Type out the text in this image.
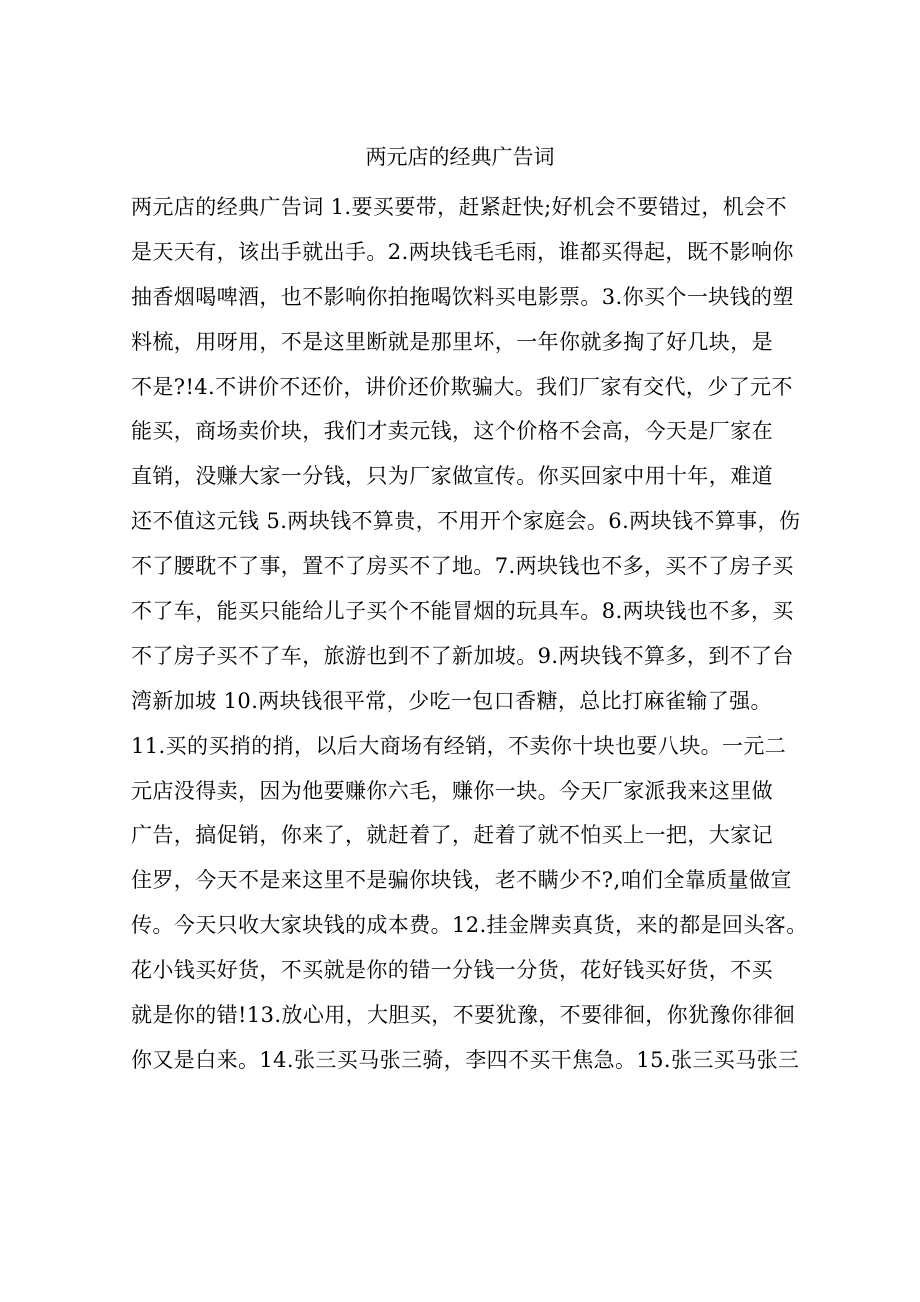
两元店的经典广告词
两元店的经典广告词 1.要买要带，赶紧赶快;好机会不要错过，机会不
是天天有，该出手就出手。2.两块钱毛毛雨，谁都买得起，既不影响你
抽香烟喝啤酒，也不影响你拍拖喝饮料买电影票。3.你买个一块钱的塑
料梳，用呀用，不是这里断就是那里坏，一年你就多掏了好几块，是
不是?!4.不讲价不还价，讲价还价欺骗大。我们厂家有交代，少了元不
能买，商场卖价块，我们才卖元钱，这个价格不会高，今天是厂家在
直销，没赚大家一分钱，只为厂家做宣传。你买回家中用十年，难道
还不值这元钱 5.两块钱不算贵，不用开个家庭会。6.两块钱不算事，伤
不了腰耽不了事，置不了房买不了地。7.两块钱也不多，买不了房子买
不了车，能买只能给儿子买个不能冒烟的玩具车。8.两块钱也不多，买
不了房子买不了车，旅游也到不了新加坡。9.两块钱不算多，到不了台
湾新加坡 10.两块钱很平常，少吃一包口香糖，总比打麻雀输了强。
11.买的买捎的捎，以后大商场有经销，不卖你十块也要八块。一元二
元店没得卖，因为他要赚你六毛，赚你一块。今天厂家派我来这里做
广告，搞促销，你来了，就赶着了，赶着了就不怕买上一把，大家记
住罗，今天不是来这里不是骗你块钱，老不瞒少不?,咱们全靠质量做宣
传。今天只收大家块钱的成本费。12.挂金牌卖真货，来的都是回头客。
花小钱买好货，不买就是你的错一分钱一分货，花好钱买好货，不买
就是你的错!13.放心用，大胆买，不要犹豫，不要徘徊，你犹豫你徘徊
你又是白来。14.张三买马张三骑，李四不买干焦急。15.张三买马张三
